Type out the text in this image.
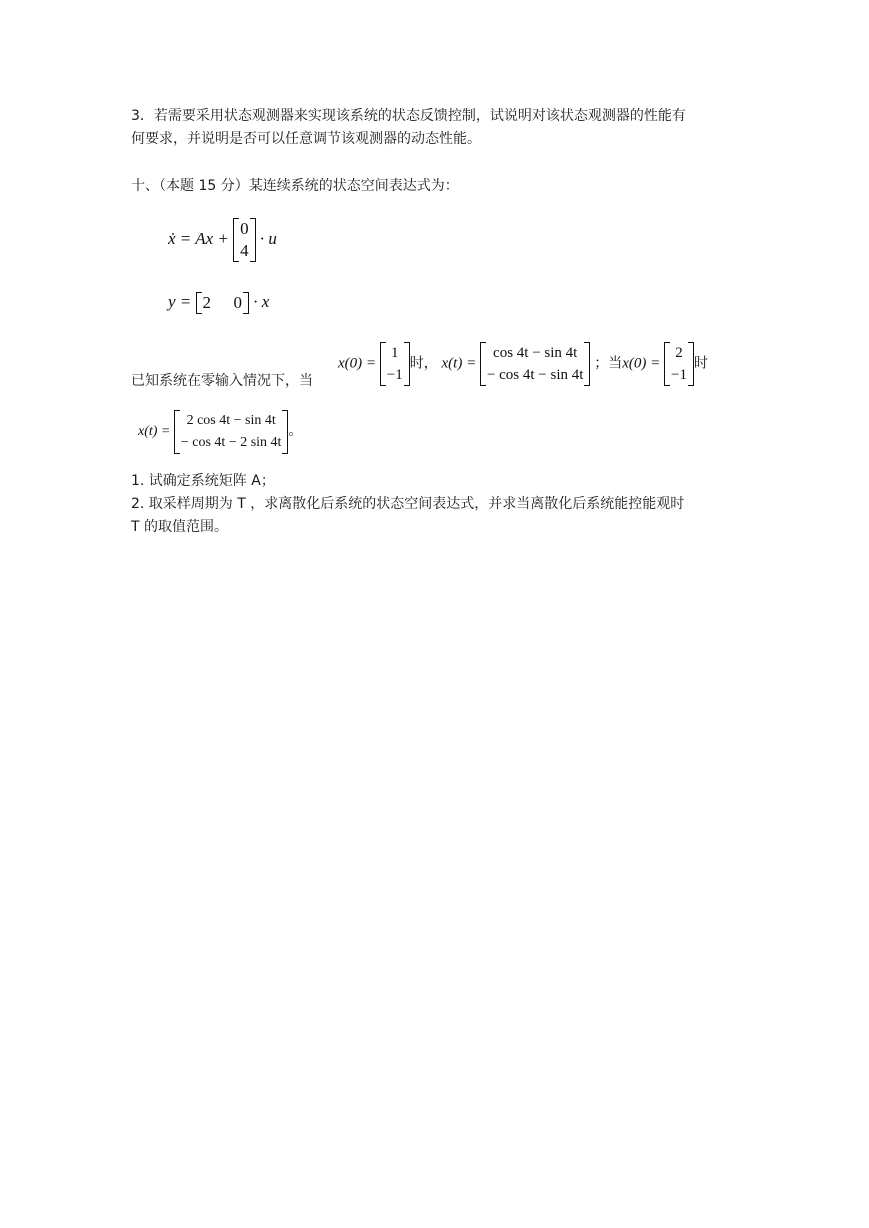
3．若需要采用状态观测器来实现该系统的状态反馈控制，试说明对该状态观测器的性能有
何要求，并说明是否可以任意调节该观测器的动态性能。
十、（本题 15 分）某连续系统的状态空间表达式为：
ẋ = Ax +
0
4
· u
y = 2 0 · x
已知系统在零输入情况下，当
x(0) =
1
−1
时， x(t) =
cos 4t − sin 4t
− cos 4t − sin 4t
；当x(0) =
2
−1
时
x(t) =
2 cos 4t − sin 4t
− cos 4t − 2 sin 4t
。
1. 试确定系统矩阵 A；
2. 取采样周期为 T ，求离散化后系统的状态空间表达式，并求当离散化后系统能控能观时
T 的取值范围。
